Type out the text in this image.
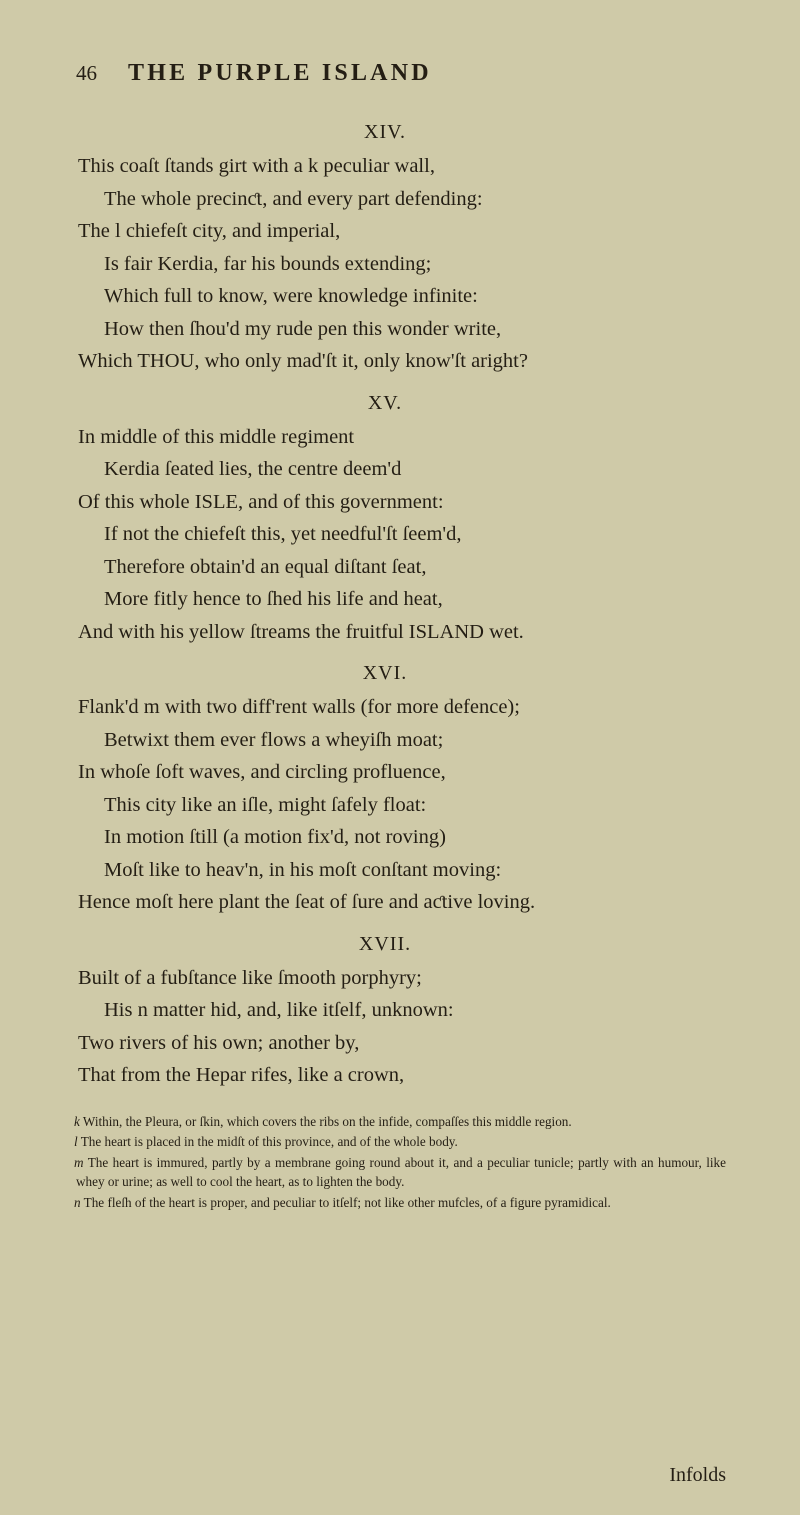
46	THE PURPLE ISLAND
XIV.
This coaſt ſtands girt with a k peculiar wall,
The whole precinƈt, and every part defending:
The l chiefeſt city, and imperial,
Is fair Kerdia, far his bounds extending;
Which full to know, were knowledge infinite:
How then ſhou'd my rude pen this wonder write,
Which THOU, who only mad'ſt it, only know'ſt aright?
XV.
In middle of this middle regiment
Kerdia ſeated lies, the centre deem'd
Of this whole ISLE, and of this government:
If not the chiefeſt this, yet needful'ſt ſeem'd,
Therefore obtain'd an equal diſtant ſeat,
More fitly hence to ſhed his life and heat,
And with his yellow ſtreams the fruitful ISLAND wet.
XVI.
Flank'd m with two diff'rent walls (for more defence);
Betwixt them ever flows a wheyiſh moat;
In whoſe ſoft waves, and circling profluence,
This city like an iſle, might ſafely float:
In motion ſtill (a motion fix'd, not roving)
Moſt like to heav'n, in his moſt conſtant moving:
Hence moſt here plant the ſeat of ſure and aƈtive loving.
XVII.
Built of a fubſtance like ſmooth porphyry;
His n matter hid, and, like itſelf, unknown:
Two rivers of his own; another by,
That from the Hepar rifes, like a crown,
k Within, the Pleura, or ſkin, which covers the ribs on the infide, compaſſes this middle region.
l The heart is placed in the midſt of this province, and of the whole body.
m The heart is immured, partly by a membrane going round about it, and a peculiar tunicle; partly with an humour, like whey or urine; as well to cool the heart, as to lighten the body.
n The fleſh of the heart is proper, and peculiar to itſelf; not like other mufcles, of a figure pyramidical.
Infolds
